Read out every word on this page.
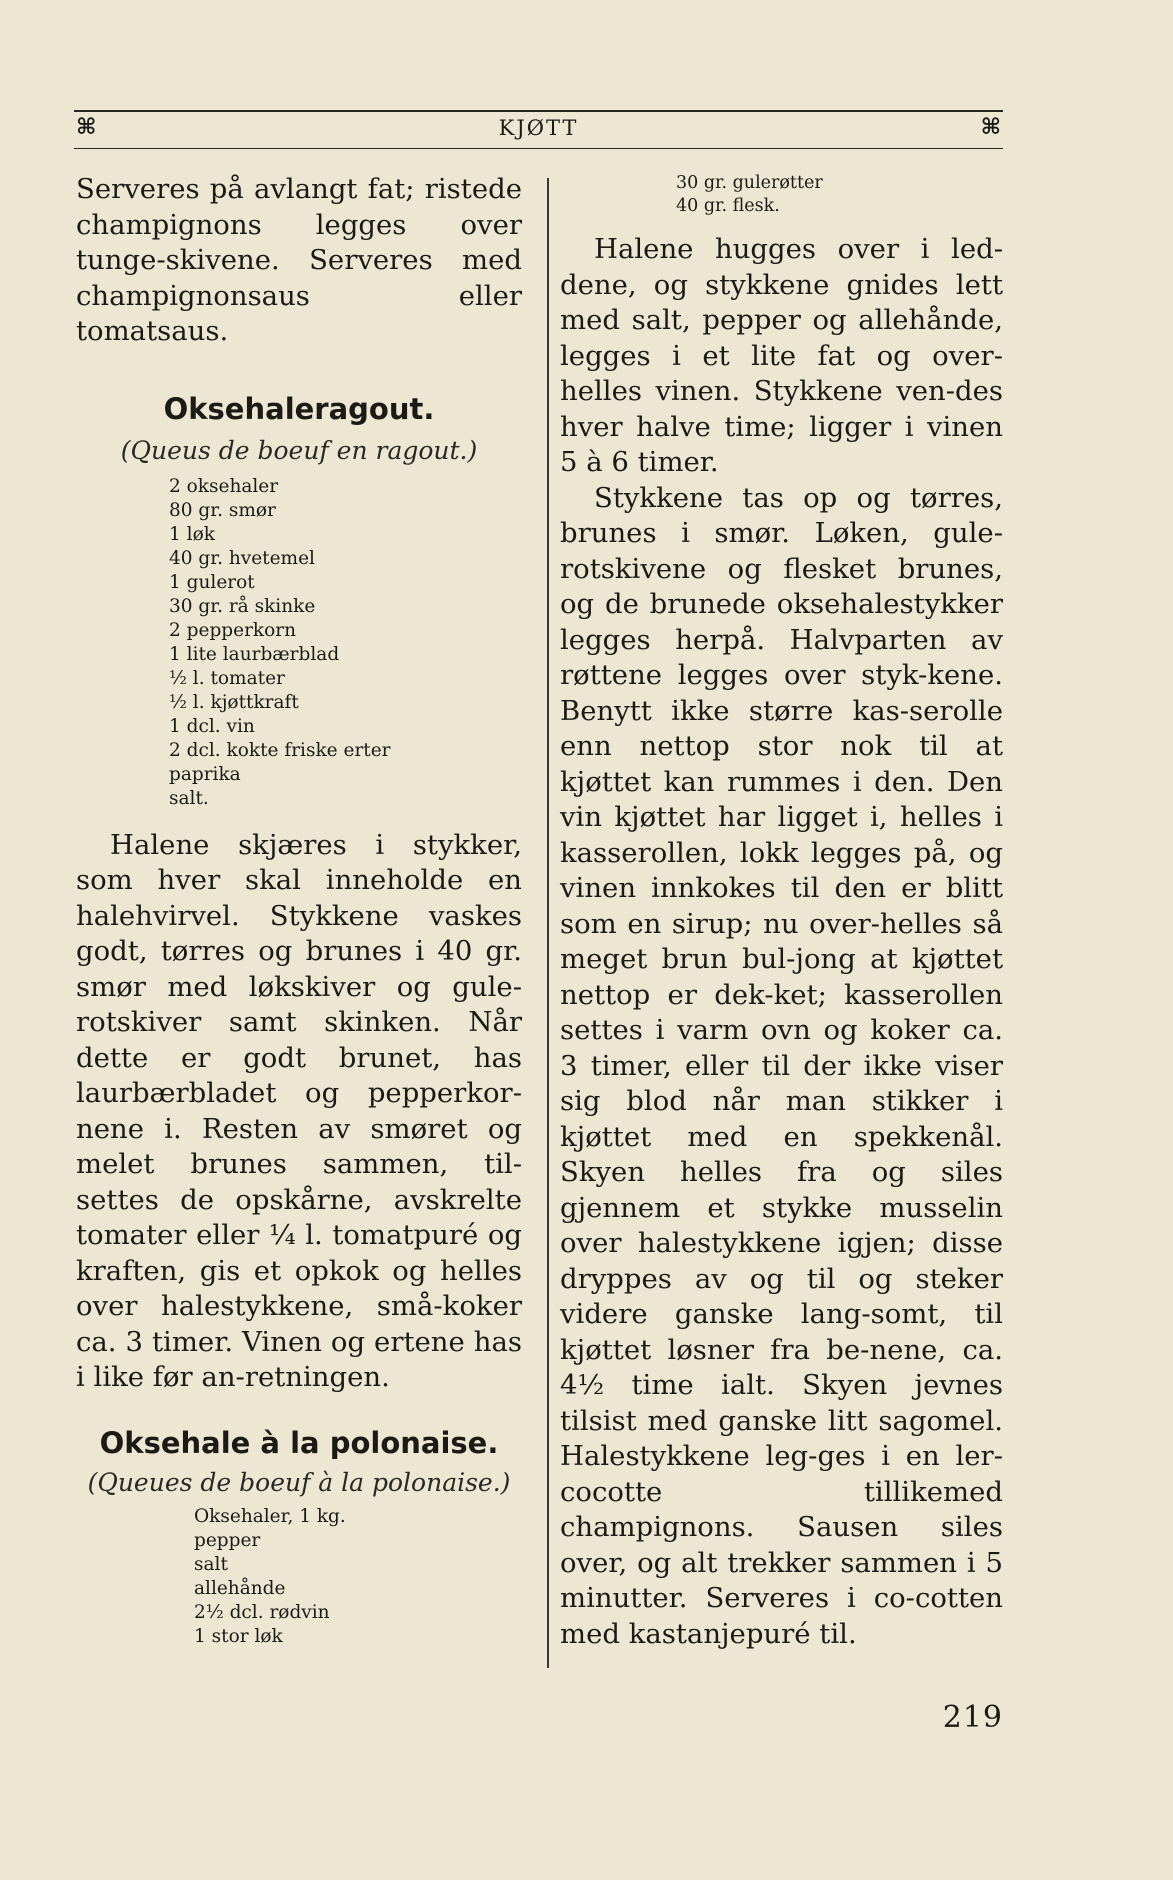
⌘	KJØTT	⌘

Serveres på avlangt fat; ristede champignons legges over tunge-skivene. Serveres med champignonsaus eller tomatsaus.

Oksehaleragout.

(Queus de boeuf en ragout.)

2 oksehaler
80 gr. smør
1 løk
40 gr. hvetemel
1 gulerot
30 gr. rå skinke
2 pepperkorn
1 lite laurbærblad
½ l. tomater
½ l. kjøttkraft
1 dcl. vin
2 dcl. kokte friske erter
paprika
salt.

Halene skjæres i stykker, som hver skal inneholde en halehvirvel. Stykkene vaskes godt, tørres og brunes i 40 gr. smør med løkskiver og gule-rotskiver samt skinken. Når dette er godt brunet, has laurbærbladet og pepperkor-nene i. Resten av smøret og melet brunes sammen, til-settes de opskårne, avskrelte tomater eller ¼ l. tomatpuré og kraften, gis et opkok og helles over halestykkene, små-koker ca. 3 timer. Vinen og ertene has i like før an-retningen.

Oksehale à la polonaise.

(Queues de boeuf à la polonaise.)

Oksehaler, 1 kg.
pepper
salt
allehånde
2½ dcl. rødvin
1 stor løk
30 gr. gulerøtter
40 gr. flesk.

Halene hugges over i led-dene, og stykkene gnides lett med salt, pepper og allehånde, legges i et lite fat og over-helles vinen. Stykkene ven-des hver halve time; ligger i vinen 5 à 6 timer.

Stykkene tas op og tørres, brunes i smør. Løken, gule-rotskivene og flesket brunes, og de brunede oksehalestykker legges herpå. Halvparten av røttene legges over styk-kene. Benytt ikke større kas-serolle enn nettop stor nok til at kjøttet kan rummes i den. Den vin kjøttet har ligget i, helles i kasserollen, lokk legges på, og vinen innkokes til den er blitt som en sirup; nu over-helles så meget brun bul-jong at kjøttet nettop er dek-ket; kasserollen settes i varm ovn og koker ca. 3 timer, eller til der ikke viser sig blod når man stikker i kjøttet med en spekkenål. Skyen helles fra og siles gjennem et stykke musselin over halestykkene igjen; disse dryppes av og til og steker videre ganske lang-somt, til kjøttet løsner fra be-nene, ca. 4½ time ialt. Skyen jevnes tilsist med ganske litt sagomel. Halestykkene leg-ges i en ler-cocotte tillikemed champignons. Sausen siles over, og alt trekker sammen i 5 minutter. Serveres i co-cotten med kastanjepuré til.

219
